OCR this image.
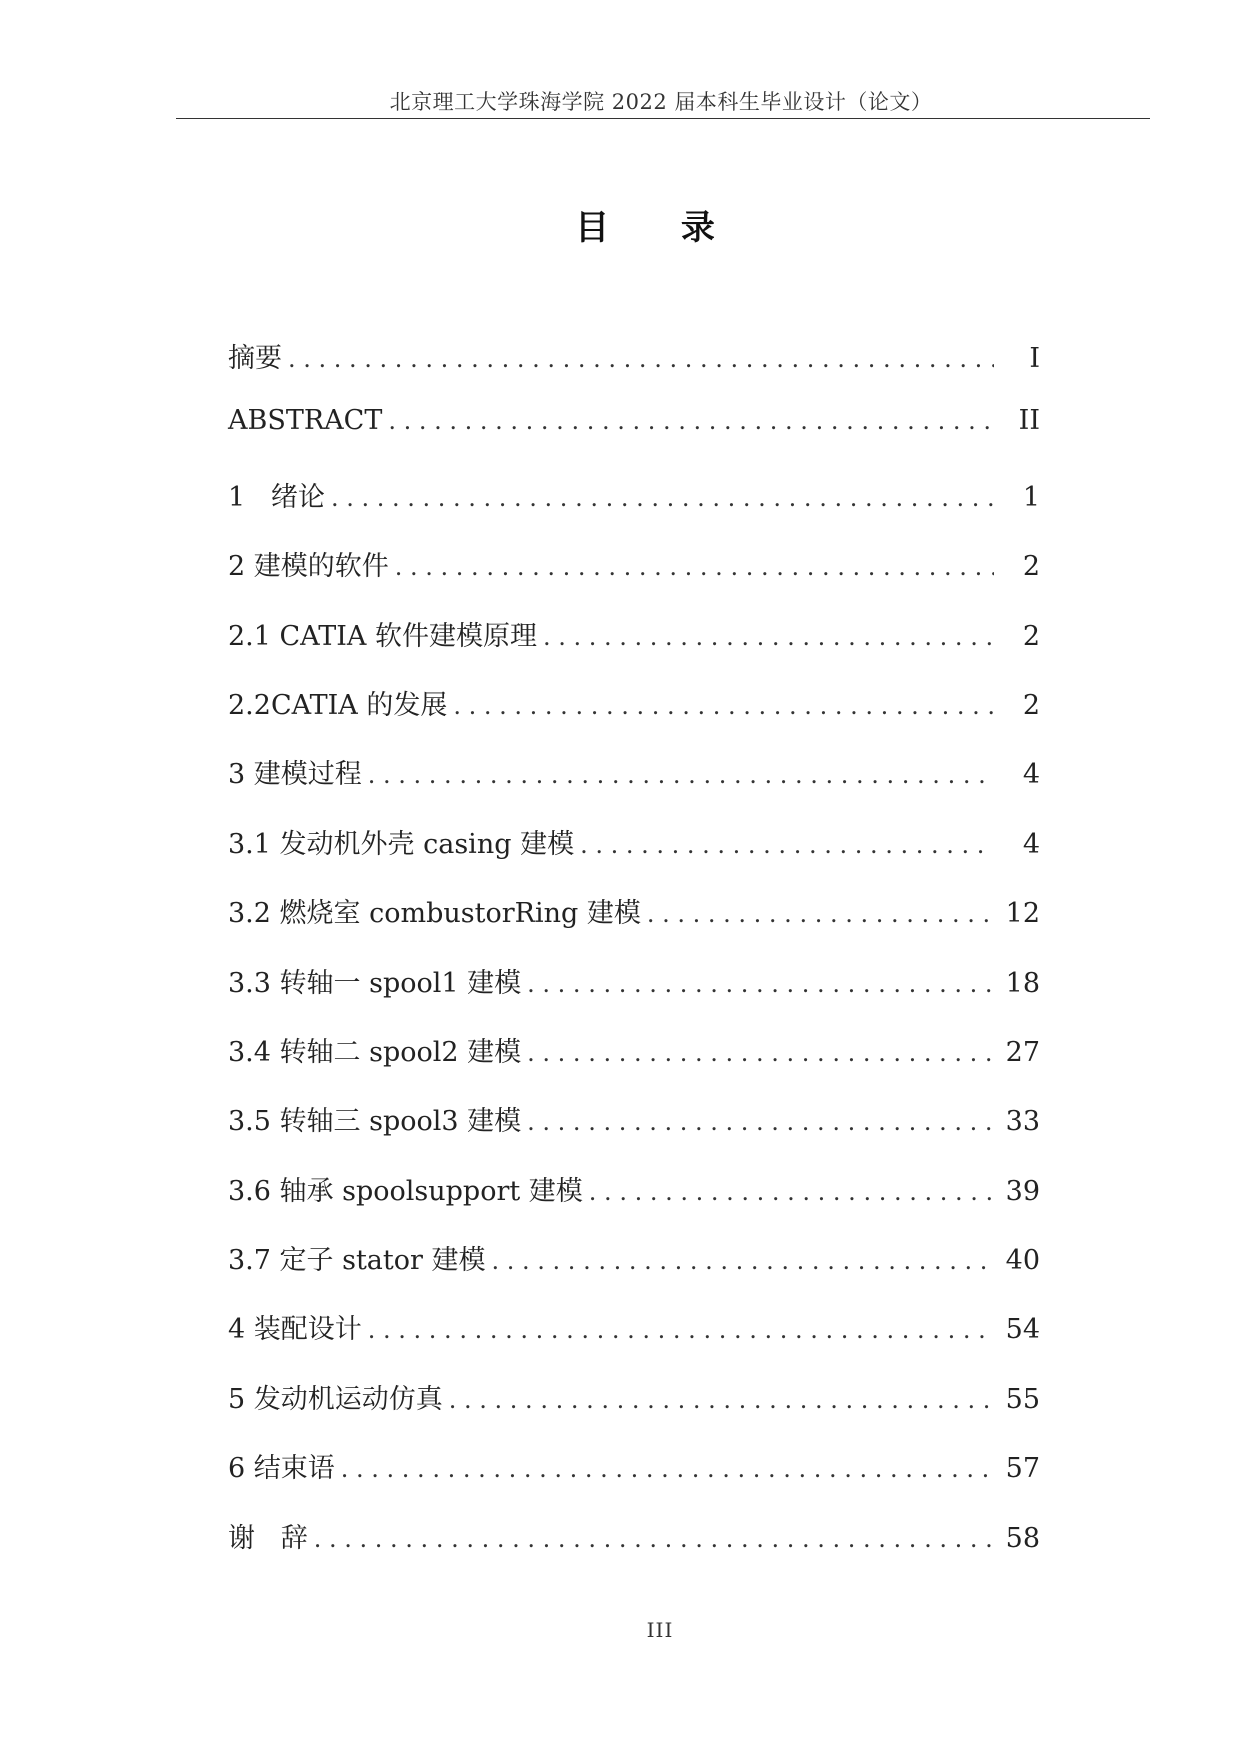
北京理工大学珠海学院 2022 届本科生毕业设计（论文）
目 录
摘要 . . .	I
ABSTRACT . . .	II
1   绪论 . . .	1
2 建模的软件 . . .	2
2.1 CATIA 软件建模原理 . . .	2
2.2CATIA 的发展 . . .	2
3 建模过程 . . .	4
3.1 发动机外壳 casing 建模 . . .	4
3.2 燃烧室 combustorRing 建模 . . .	12
3.3 转轴一 spool1 建模 . . .	18
3.4 转轴二 spool2 建模 . . .	27
3.5 转轴三 spool3 建模 . . .	33
3.6 轴承 spoolsupport 建模 . . .	39
3.7 定子 stator 建模 . . .	40
4 装配设计 . . .	54
5 发动机运动仿真 . . .	55
6 结束语 . . .	57
谢   辞 . . .	58
III
